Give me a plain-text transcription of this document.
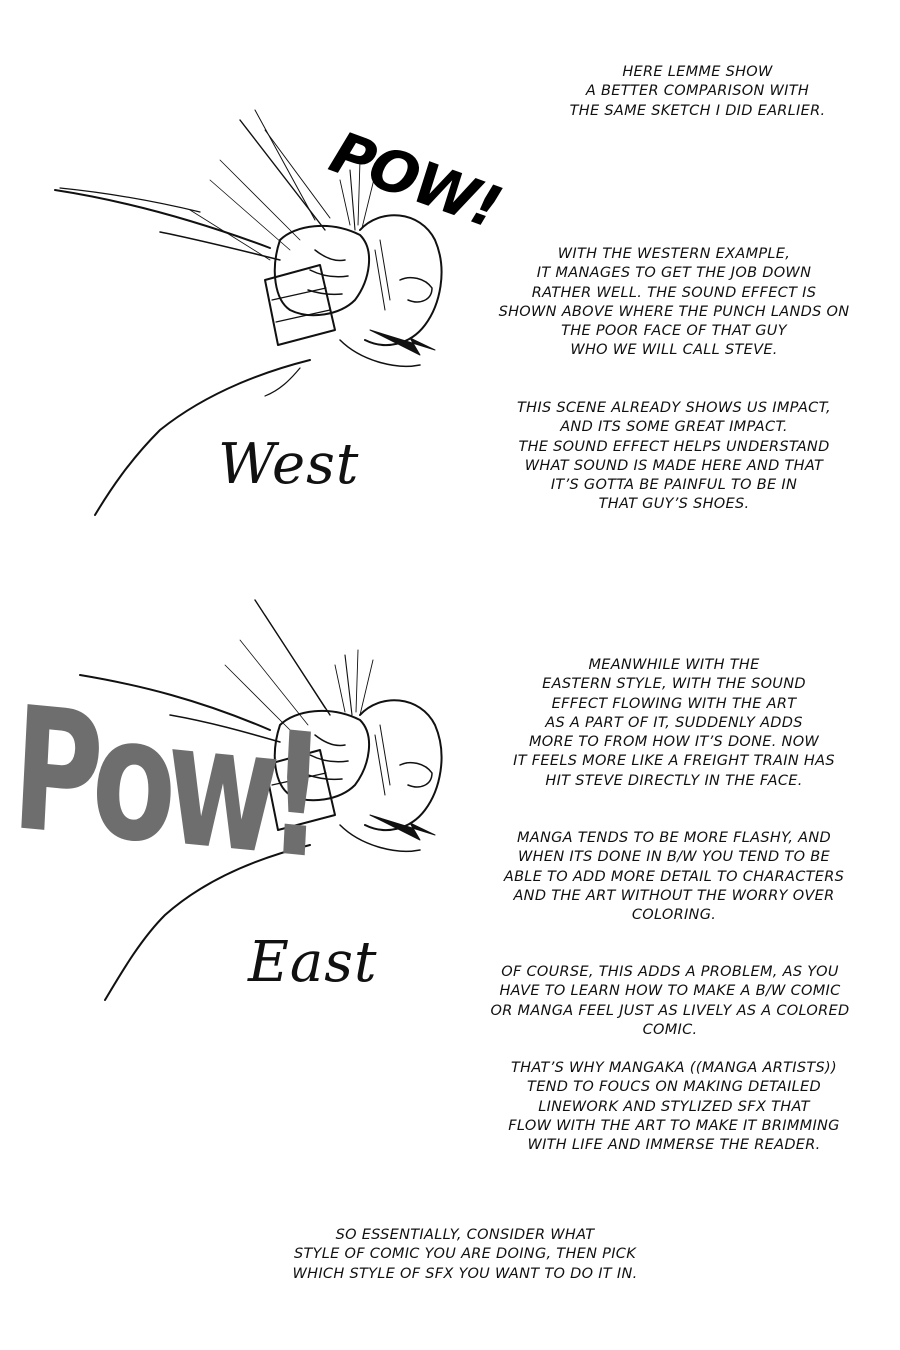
POW!
West
HERE LEMME SHOW
A BETTER COMPARISON WITH
THE SAME SKETCH I DID EARLIER.
WITH THE WESTERN EXAMPLE,
IT MANAGES TO GET THE JOB DOWN
RATHER WELL. THE SOUND EFFECT IS
SHOWN ABOVE WHERE THE PUNCH LANDS ON
THE POOR FACE OF THAT GUY
WHO WE WILL CALL STEVE.
THIS SCENE ALREADY SHOWS US IMPACT,
AND ITS SOME GREAT IMPACT.
THE SOUND EFFECT HELPS UNDERSTAND
WHAT SOUND IS MADE HERE AND THAT
IT’S GOTTA BE PAINFUL TO BE IN
THAT GUY’S SHOES.
Pow!
East
MEANWHILE WITH THE
EASTERN STYLE, WITH THE SOUND
EFFECT FLOWING WITH THE ART
AS A PART OF IT, SUDDENLY ADDS
MORE TO FROM HOW IT’S DONE. NOW
IT FEELS MORE LIKE A FREIGHT TRAIN HAS
HIT STEVE DIRECTLY IN THE FACE.
MANGA TENDS TO BE MORE FLASHY, AND
WHEN ITS DONE IN B/W YOU TEND TO BE
ABLE TO ADD MORE DETAIL TO CHARACTERS
AND THE ART WITHOUT THE WORRY OVER
COLORING.
OF COURSE, THIS ADDS A PROBLEM, AS YOU
HAVE TO LEARN HOW TO MAKE A B/W COMIC
OR MANGA FEEL JUST AS LIVELY AS A COLORED
COMIC.
THAT’S WHY MANGAKA ((MANGA ARTISTS))
TEND TO FOUCS ON MAKING DETAILED
LINEWORK AND STYLIZED SFX THAT
FLOW WITH THE ART TO MAKE IT BRIMMING
WITH LIFE AND IMMERSE THE READER.
SO ESSENTIALLY, CONSIDER WHAT
STYLE OF COMIC YOU ARE DOING, THEN PICK
WHICH STYLE OF SFX YOU WANT TO DO IT IN.
